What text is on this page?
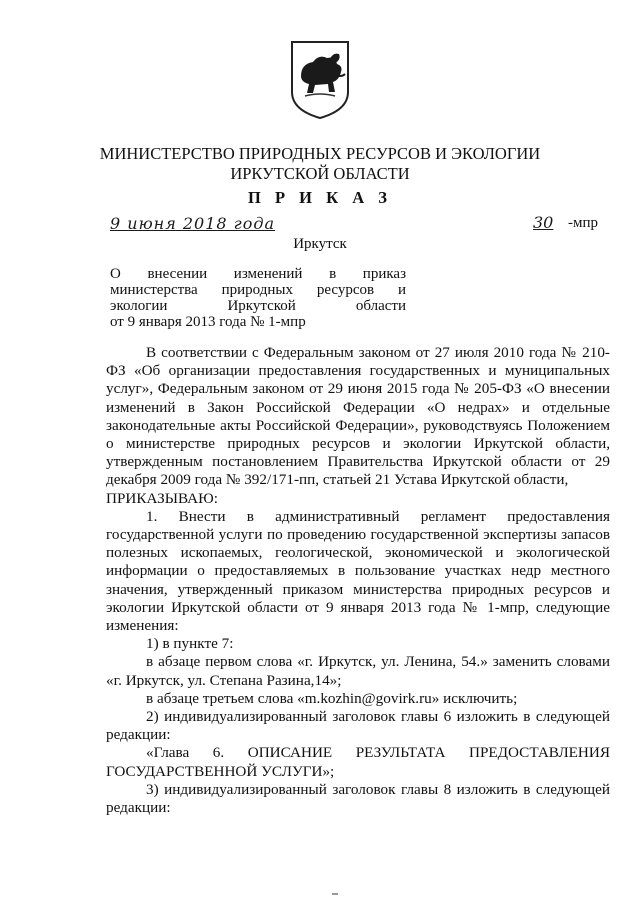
МИНИСТЕРСТВО ПРИРОДНЫХ РЕСУРСОВ И ЭКОЛОГИИ
ИРКУТСКОЙ ОБЛАСТИ
П Р И К А З
9 июня 2018 года	30 -мпр
Иркутск
О внесении изменений в приказ
министерства природных ресурсов и
экологии Иркутской области
от 9 января 2013 года № 1-мпр

В соответствии с Федеральным законом от 27 июля 2010 года № 210-ФЗ «Об организации предоставления государственных и муниципальных услуг», Федеральным законом от 29 июня 2015 года № 205-ФЗ «О внесении изменений в Закон Российской Федерации «О недрах» и отдельные законодательные акты Российской Федерации», руководствуясь Положением о министерстве природных ресурсов и экологии Иркутской области, утвержденным постановлением Правительства Иркутской области от 29 декабря 2009 года № 392/171-пп, статьей 21 Устава Иркутской области,

ПРИКАЗЫВАЮ:

1. Внести в административный регламент предоставления государственной услуги по проведению государственной экспертизы запасов полезных ископаемых, геологической, экономической и экологической информации о предоставляемых в пользование участках недр местного значения, утвержденный приказом министерства природных ресурсов и экологии Иркутской области от 9 января 2013 года № 1-мпр, следующие изменения:

1) в пункте 7:

в абзаце первом слова «г. Иркутск, ул. Ленина, 54.» заменить словами «г. Иркутск, ул. Степана Разина,14»;

в абзаце третьем слова «m.kozhin@govirk.ru» исключить;

2) индивидуализированный заголовок главы 6 изложить в следующей редакции:

«Глава 6. ОПИСАНИЕ РЕЗУЛЬТАТА ПРЕДОСТАВЛЕНИЯ ГОСУДАРСТВЕННОЙ УСЛУГИ»;

3) индивидуализированный заголовок главы 8 изложить в следующей редакции:
